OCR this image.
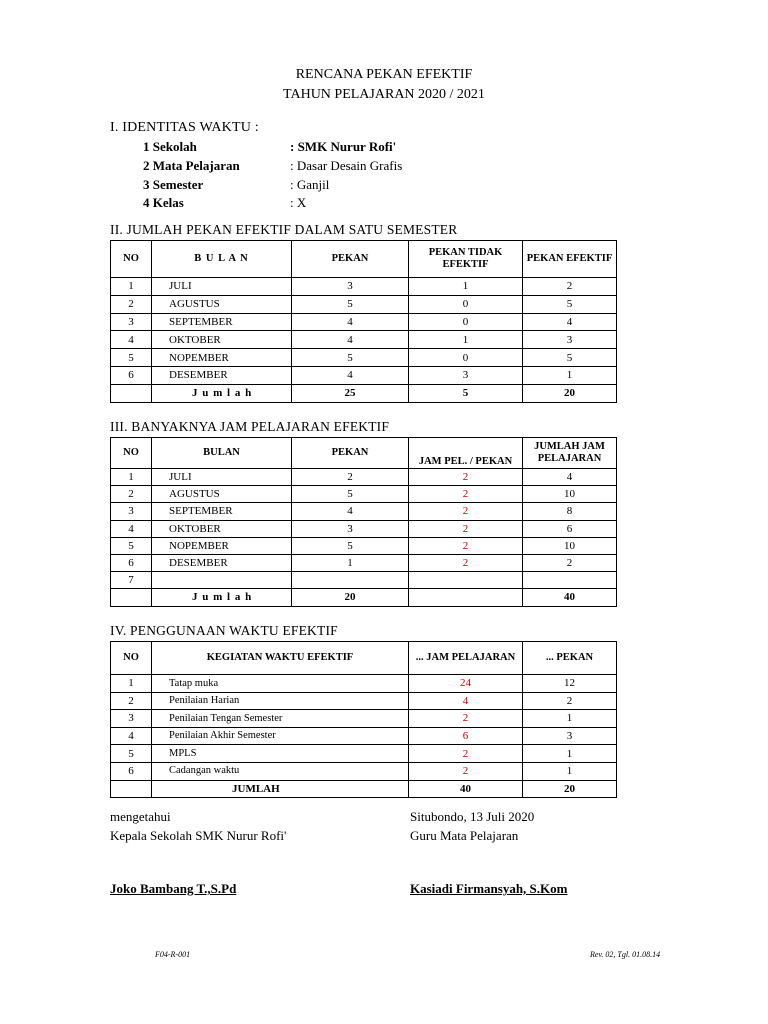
RENCANA PEKAN EFEKTIF
TAHUN PELAJARAN 2020 / 2021
I. IDENTITAS WAKTU :
1 Sekolah	: SMK Nurur Rofi'
2 Mata Pelajaran	: Dasar Desain Grafis
3 Semester	: Ganjil
4 Kelas	: X
II. JUMLAH PEKAN EFEKTIF DALAM SATU SEMESTER
NO	B U L A N	PEKAN	PEKAN TIDAK EFEKTIF	PEKAN EFEKTIF
1	JULI	3	1	2
2	AGUSTUS	5	0	5
3	SEPTEMBER	4	0	4
4	OKTOBER	4	1	3
5	NOPEMBER	5	0	5
6	DESEMBER	4	3	1
	J u m l a h	25	5	20
III. BANYAKNYA JAM PELAJARAN EFEKTIF
NO	BULAN	PEKAN	JAM PEL. / PEKAN	JUMLAH JAM PELAJARAN
1	JULI	2	2	4
2	AGUSTUS	5	2	10
3	SEPTEMBER	4	2	8
4	OKTOBER	3	2	6
5	NOPEMBER	5	2	10
6	DESEMBER	1	2	2
7				
	J u m l a h	20		40
IV. PENGGUNAAN WAKTU EFEKTIF
NO	KEGIATAN WAKTU EFEKTIF	... JAM PELAJARAN	... PEKAN
1	Tatap muka	24	12
2	Penilaian Harian	4	2
3	Penilaian Tengan Semester	2	1
4	Penilaian Akhir Semester	6	3
5	MPLS	2	1
6	Cadangan waktu	2	1
	JUMLAH	40	20
mengetahui
Kepala Sekolah SMK Nurur Rofi'
Situbondo, 13 Juli 2020
Guru Mata Pelajaran
Joko Bambang T.,S.Pd	Kasiadi Firmansyah, S.Kom
F04-R-001	Rev. 02, Tgl. 01.08.14
